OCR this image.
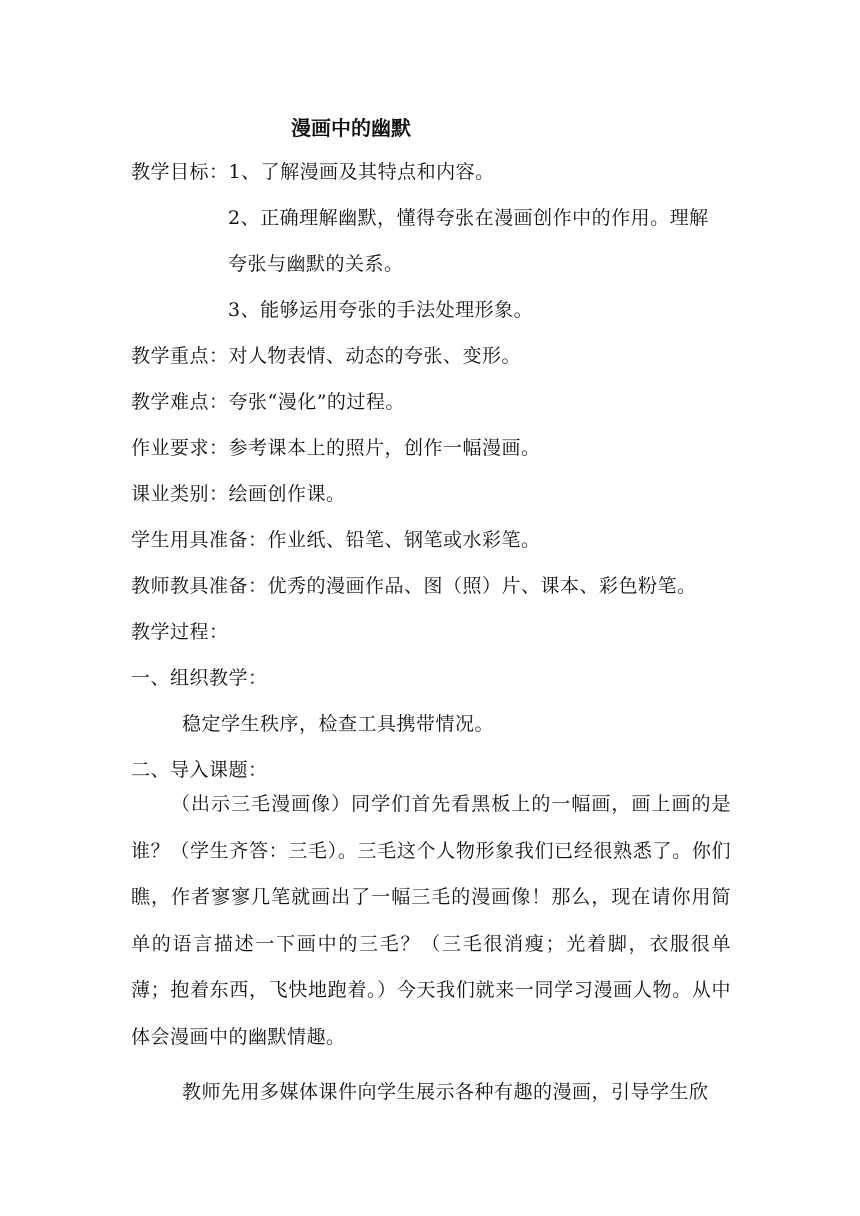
漫画中的幽默
教学目标：1、了解漫画及其特点和内容。
2、正确理解幽默，懂得夸张在漫画创作中的作用。理解
夸张与幽默的关系。
3、能够运用夸张的手法处理形象。
教学重点：对人物表情、动态的夸张、变形。
教学难点：夸张“漫化”的过程。
作业要求：参考课本上的照片，创作一幅漫画。
课业类别：绘画创作课。
学生用具准备：作业纸、铅笔、钢笔或水彩笔。
教师教具准备：优秀的漫画作品、图（照）片、课本、彩色粉笔。
教学过程：
一、组织教学：
稳定学生秩序，检查工具携带情况。
二、导入课题：
（出示三毛漫画像）同学们首先看黑板上的一幅画，画上画的是谁？（学生齐答：三毛）。三毛这个人物形象我们已经很熟悉了。你们瞧，作者寥寥几笔就画出了一幅三毛的漫画像！那么，现在请你用简单的语言描述一下画中的三毛？（三毛很消瘦；光着脚，衣服很单薄；抱着东西，飞快地跑着。）今天我们就来一同学习漫画人物。从中体会漫画中的幽默情趣。
教师先用多媒体课件向学生展示各种有趣的漫画，引导学生欣
